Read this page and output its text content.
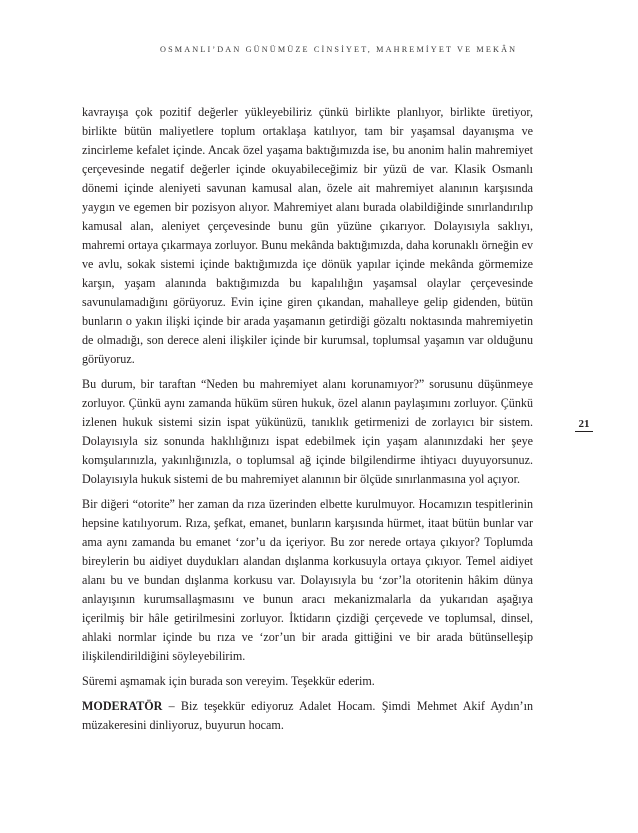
OSMANLI’DAN GÜNÜMÜZE CİNSİYET, MAHREMİYET VE MEKÂN
21

kavrayışa çok pozitif değerler yükleyebiliriz çünkü birlikte planlıyor, birlikte üretiyor, birlikte bütün maliyetlere toplum ortaklaşa katılıyor, tam bir yaşamsal dayanışma ve zincirleme kefalet içinde. Ancak özel yaşama baktığımızda ise, bu anonim halin mahremiyet çerçevesinde negatif değerler içinde okuyabileceğimiz bir yüzü de var. Klasik Osmanlı dönemi içinde aleniyeti savunan kamusal alan, özele ait mahremiyet alanının karşısında yaygın ve egemen bir pozisyon alıyor. Mahremiyet alanı burada olabildiğinde sınırlandırılıp kamusal alan, aleniyet çerçevesinde bunu gün yüzüne çıkarıyor. Dolayısıyla saklıyı, mahremi ortaya çıkarmaya zorluyor. Bunu mekânda baktığımızda, daha korunaklı örneğin ev ve avlu, sokak sistemi içinde baktığımızda içe dönük yapılar içinde mekânda görmemize karşın, yaşam alanında baktığımızda bu kapalılığın yaşamsal olaylar çerçevesinde savunulamadığını görüyoruz. Evin içine giren çıkandan, mahalleye gelip gidenden, bütün bunların o yakın ilişki içinde bir arada yaşamanın getirdiği gözaltı noktasında mahremiyetin de olmadığı, son derece aleni ilişkiler içinde bir kurumsal, toplumsal yaşamın var olduğunu görüyoruz.

Bu durum, bir taraftan “Neden bu mahremiyet alanı korunamıyor?” sorusunu düşünmeye zorluyor. Çünkü aynı zamanda hüküm süren hukuk, özel alanın paylaşımını zorluyor. Çünkü izlenen hukuk sistemi sizin ispat yükünüzü, tanıklık getirmenizi de zorlayıcı bir sistem. Dolayısıyla siz sonunda haklılığınızı ispat edebilmek için yaşam alanınızdaki her şeye komşularınızla, yakınlığınızla, o toplumsal ağ içinde bilgilendirme ihtiyacı duyuyorsunuz. Dolayısıyla hukuk sistemi de bu mahremiyet alanının bir ölçüde sınırlanmasına yol açıyor.

Bir diğeri “otorite” her zaman da rıza üzerinden elbette kurulmuyor. Hocamızın tespitlerinin hepsine katılıyorum. Rıza, şefkat, emanet, bunların karşısında hürmet, itaat bütün bunlar var ama aynı zamanda bu emanet ‘zor’u da içeriyor. Bu zor nerede ortaya çıkıyor? Toplumda bireylerin bu aidiyet duydukları alandan dışlanma korkusuyla ortaya çıkıyor. Temel aidiyet alanı bu ve bundan dışlanma korkusu var. Dolayısıyla bu ‘zor’la otoritenin hâkim dünya anlayışının kurumsallaşmasını ve bunun aracı mekanizmalarla da yukarıdan aşağıya içerilmiş bir hâle getirilmesini zorluyor. İktidarın çizdiği çerçevede ve toplumsal, dinsel, ahlaki normlar içinde bu rıza ve ‘zor’un bir arada gittiğini ve bir arada bütünselleşip ilişkilendirildiğini söyleyebilirim.

Süremi aşmamak için burada son vereyim. Teşekkür ederim.

MODERATÖR – Biz teşekkür ediyoruz Adalet Hocam. Şimdi Mehmet Akif Aydın’ın müzakeresini dinliyoruz, buyurun hocam.
